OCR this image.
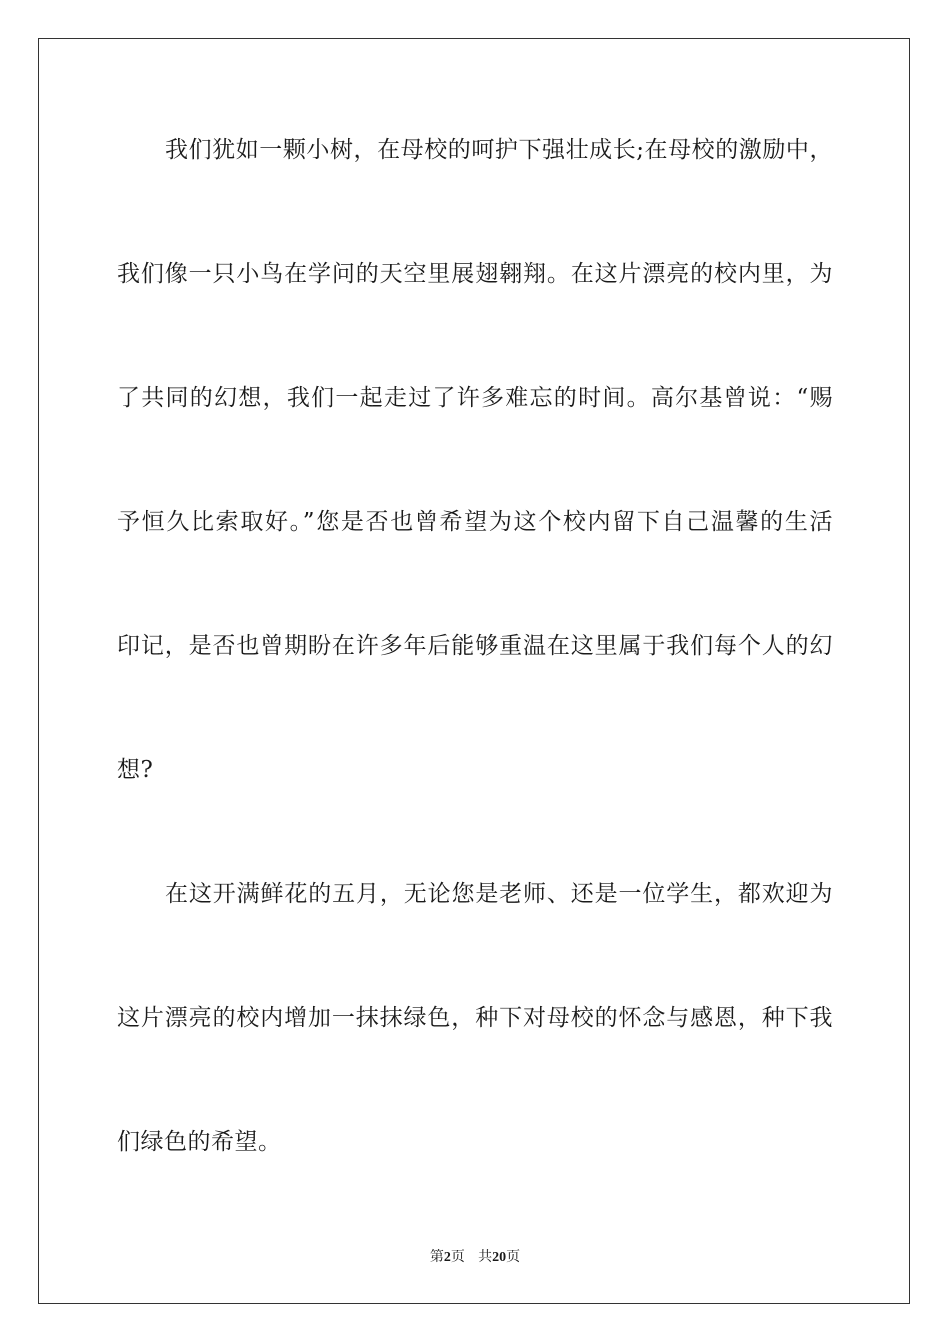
我们犹如一颗小树，在母校的呵护下强壮成长;在母校的激励中，
我们像一只小鸟在学问的天空里展翅翱翔。在这片漂亮的校内里，为
了共同的幻想，我们一起走过了许多难忘的时间。高尔基曾说：“赐
予恒久比索取好。”您是否也曾希望为这个校内留下自己温馨的生活
印记，是否也曾期盼在许多年后能够重温在这里属于我们每个人的幻
想?
在这开满鲜花的五月，无论您是老师、还是一位学生，都欢迎为
这片漂亮的校内增加一抹抹绿色，种下对母校的怀念与感恩，种下我
们绿色的希望。
第2页 共20页
